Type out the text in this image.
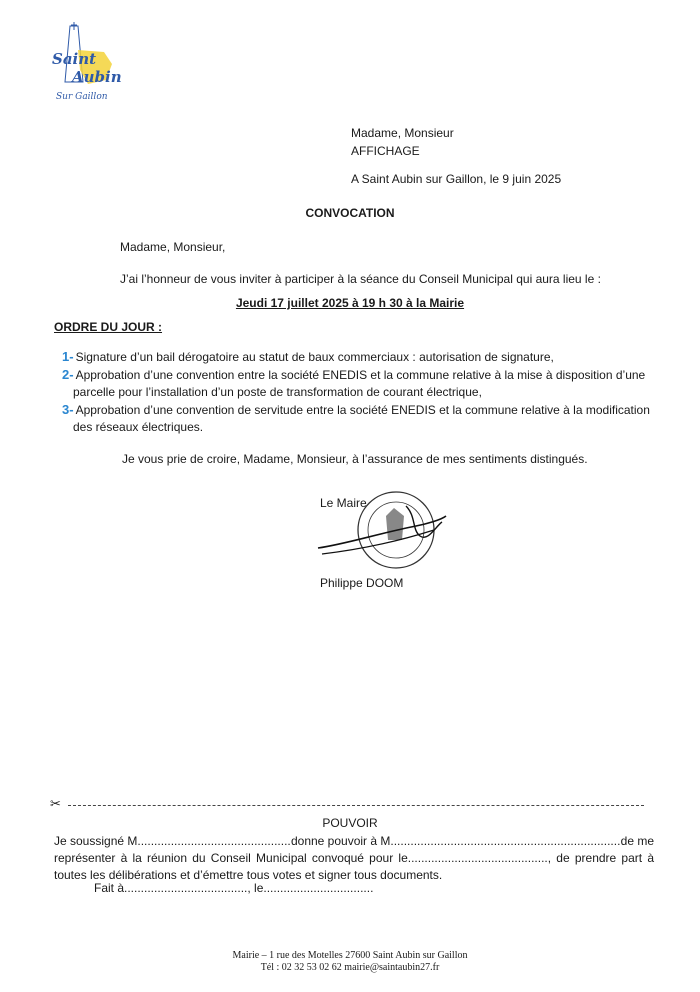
Saint
Aubin
Sur Gaillon
Madame, Monsieur
AFFICHAGE
A Saint Aubin sur Gaillon, le 9 juin 2025
CONVOCATION
Madame, Monsieur,
J’ai l’honneur de vous inviter à participer à la séance du Conseil Municipal qui aura lieu le :
Jeudi 17 juillet 2025 à 19 h 30 à la Mairie
ORDRE DU JOUR :
1- Signature d’un bail dérogatoire au statut de baux commerciaux : autorisation de signature,
2- Approbation d’une convention entre la société ENEDIS et la commune relative à la mise à disposition d’une
parcelle pour l’installation d’un poste de transformation de courant électrique,
3- Approbation d’une convention de servitude entre la société ENEDIS et la commune relative à la modification
des réseaux électriques.
Je vous prie de croire, Madame, Monsieur, à l’assurance de mes sentiments distingués.
Le Maire
Philippe DOOM
✂
POUVOIR
Je soussigné M.............................................. donne pouvoir à M..................................................................... de me
représenter à la réunion du Conseil Municipal convoqué pour le.........................................., de prendre part à toutes les délibérations et d’émettre tous votes et signer tous documents.
Fait à....................................., le.................................
Mairie – 1 rue des Motelles 27600 Saint Aubin sur Gaillon
Tél : 02 32 53 02 62 mairie@saintaubin27.fr
